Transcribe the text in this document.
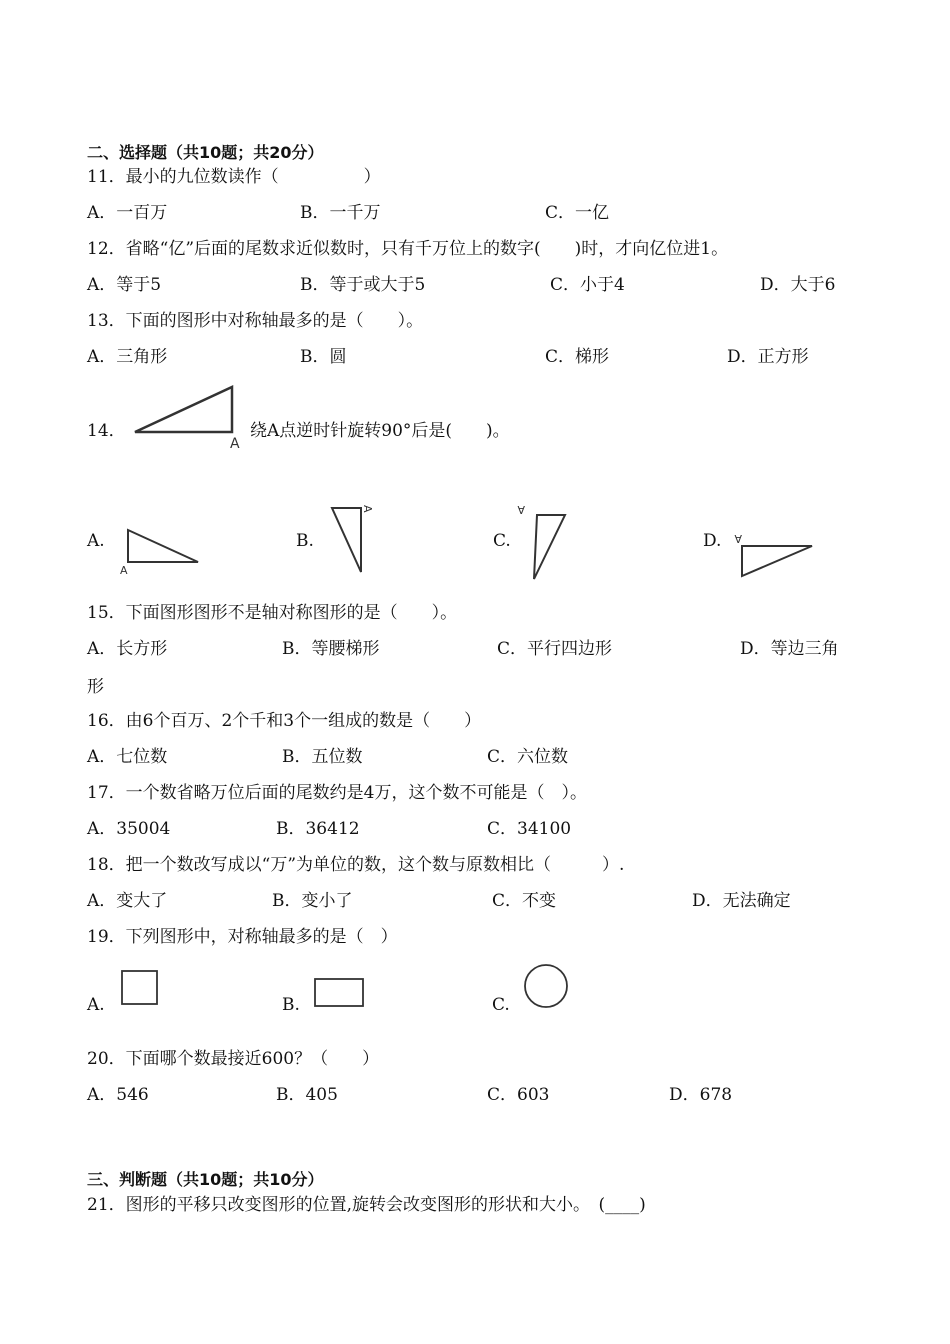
二、选择题（共10题；共20分）
11．最小的九位数读作（　　　　　）
A．一百万	B．一千万	C．一亿
12．省略“亿”后面的尾数求近似数时，只有千万位上的数字(　　)时，才向亿位进1。
A．等于5	B．等于或大于5	C．小于4	D．大于6
13．下面的图形中对称轴最多的是（　　）。
A．三角形	B．圆	C．梯形	D．正方形
14．
A
绕A点逆时针旋转90°后是(　　)。
A.
A
B.
A
C.
A
D. A
15．下面图形图形不是轴对称图形的是（　　）。
A．长方形	B．等腰梯形	C．平行四边形	D．等边三角
形
16．由6个百万、2个千和3个一组成的数是（　　）
A．七位数	B．五位数	C．六位数
17．一个数省略万位后面的尾数约是4万，这个数不可能是（　）。
A．35004	B．36412	C．34100
18．把一个数改写成以“万”为单位的数，这个数与原数相比（　　　）.
A．变大了	B．变小了	C．不变	D．无法确定
19．下列图形中，对称轴最多的是（　）
A.	B.	C.
20．下面哪个数最接近600？（　　）
A．546	B．405	C．603	D．678
三、判断题（共10题；共10分）
21．图形的平移只改变图形的位置,旋转会改变图形的形状和大小。　(____)
